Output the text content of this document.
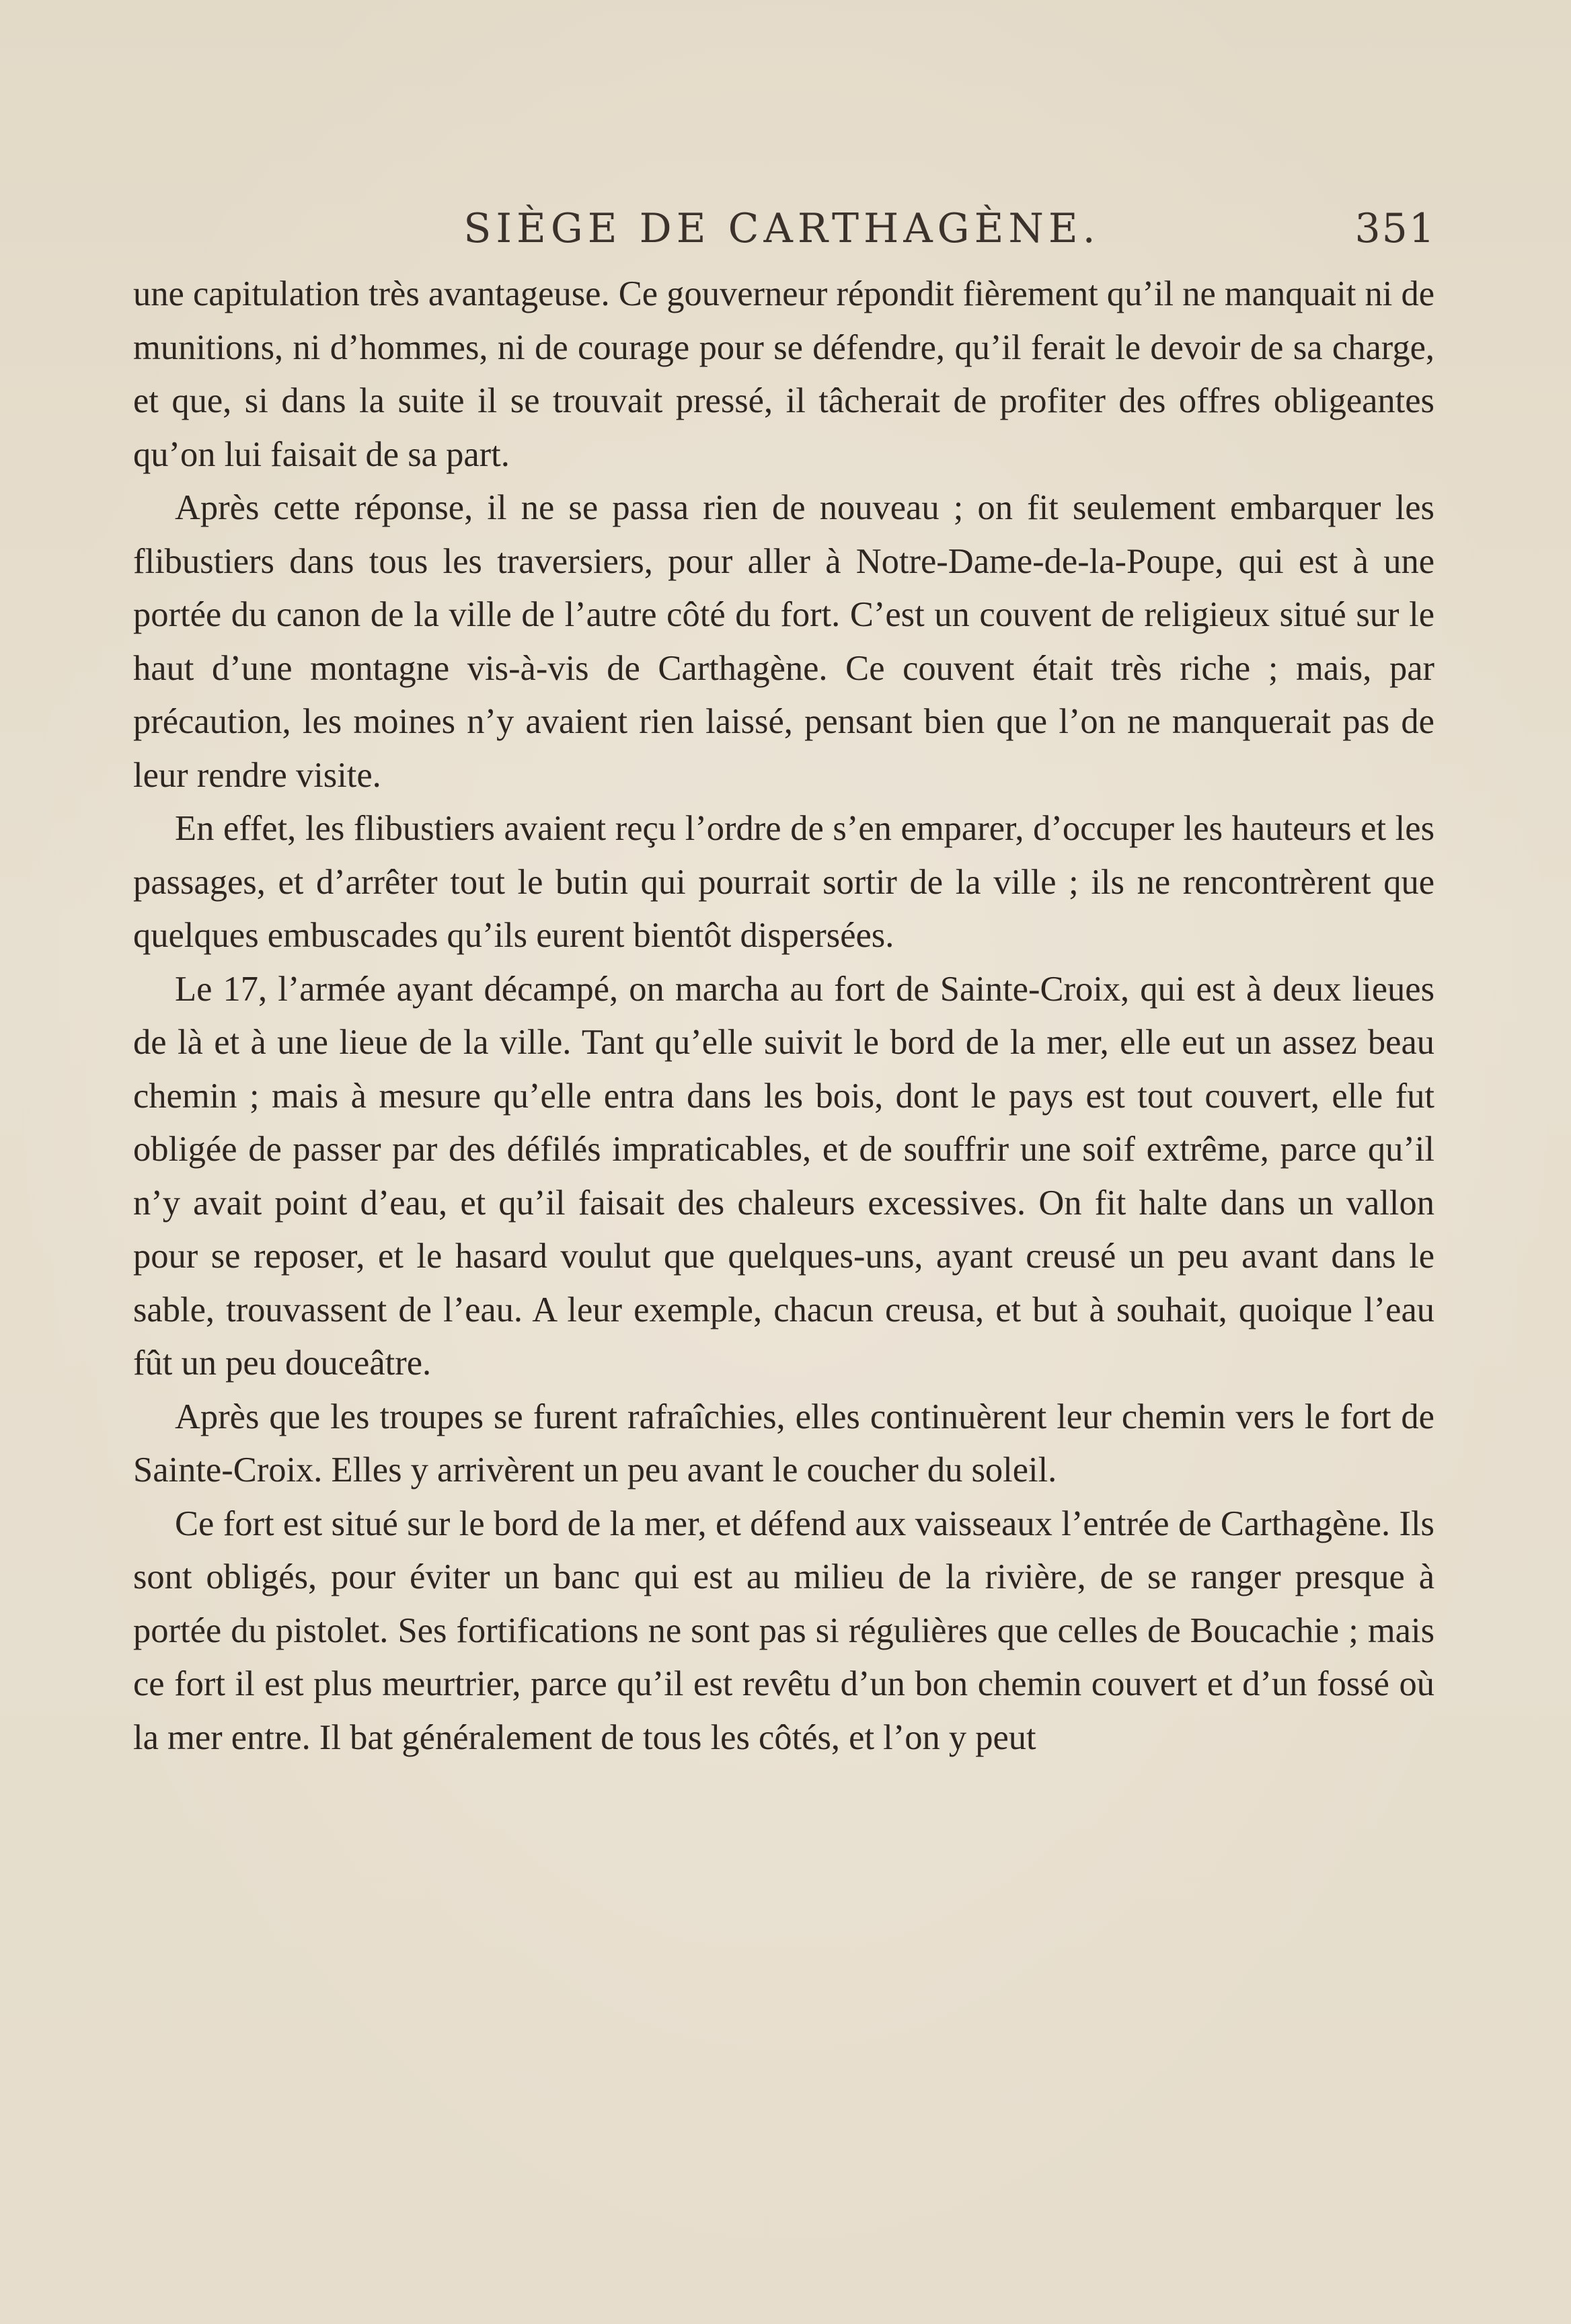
SIÈGE DE CARTHAGÈNE.	351

une capitulation très avantageuse. Ce gouverneur répondit fièrement qu’il ne manquait ni de munitions, ni d’hommes, ni de courage pour se défendre, qu’il ferait le devoir de sa charge, et que, si dans la suite il se trouvait pressé, il tâcherait de profiter des offres obligeantes qu’on lui faisait de sa part.

Après cette réponse, il ne se passa rien de nouveau ; on fit seulement embarquer les flibustiers dans tous les traversiers, pour aller à Notre-Dame-de-la-Poupe, qui est à une portée du canon de la ville de l’autre côté du fort. C’est un couvent de religieux situé sur le haut d’une montagne vis-à-vis de Carthagène. Ce couvent était très riche ; mais, par précaution, les moines n’y avaient rien laissé, pensant bien que l’on ne manquerait pas de leur rendre visite.

En effet, les flibustiers avaient reçu l’ordre de s’en emparer, d’occuper les hauteurs et les passages, et d’arrêter tout le butin qui pourrait sortir de la ville ; ils ne rencontrèrent que quelques embuscades qu’ils eurent bientôt dispersées.

Le 17, l’armée ayant décampé, on marcha au fort de Sainte-Croix, qui est à deux lieues de là et à une lieue de la ville. Tant qu’elle suivit le bord de la mer, elle eut un assez beau chemin ; mais à mesure qu’elle entra dans les bois, dont le pays est tout couvert, elle fut obligée de passer par des défilés impraticables, et de souffrir une soif extrême, parce qu’il n’y avait point d’eau, et qu’il faisait des chaleurs excessives. On fit halte dans un vallon pour se reposer, et le hasard voulut que quelques-uns, ayant creusé un peu avant dans le sable, trouvassent de l’eau. A leur exemple, chacun creusa, et but à souhait, quoique l’eau fût un peu douceâtre.

Après que les troupes se furent rafraîchies, elles continuèrent leur chemin vers le fort de Sainte-Croix. Elles y arrivèrent un peu avant le coucher du soleil.

Ce fort est situé sur le bord de la mer, et défend aux vaisseaux l’entrée de Carthagène. Ils sont obligés, pour éviter un banc qui est au milieu de la rivière, de se ranger presque à portée du pistolet. Ses fortifications ne sont pas si régulières que celles de Boucachie ; mais ce fort il est plus meurtrier, parce qu’il est revêtu d’un bon chemin couvert et d’un fossé où la mer entre. Il bat généralement de tous les côtés, et l’on y peut
